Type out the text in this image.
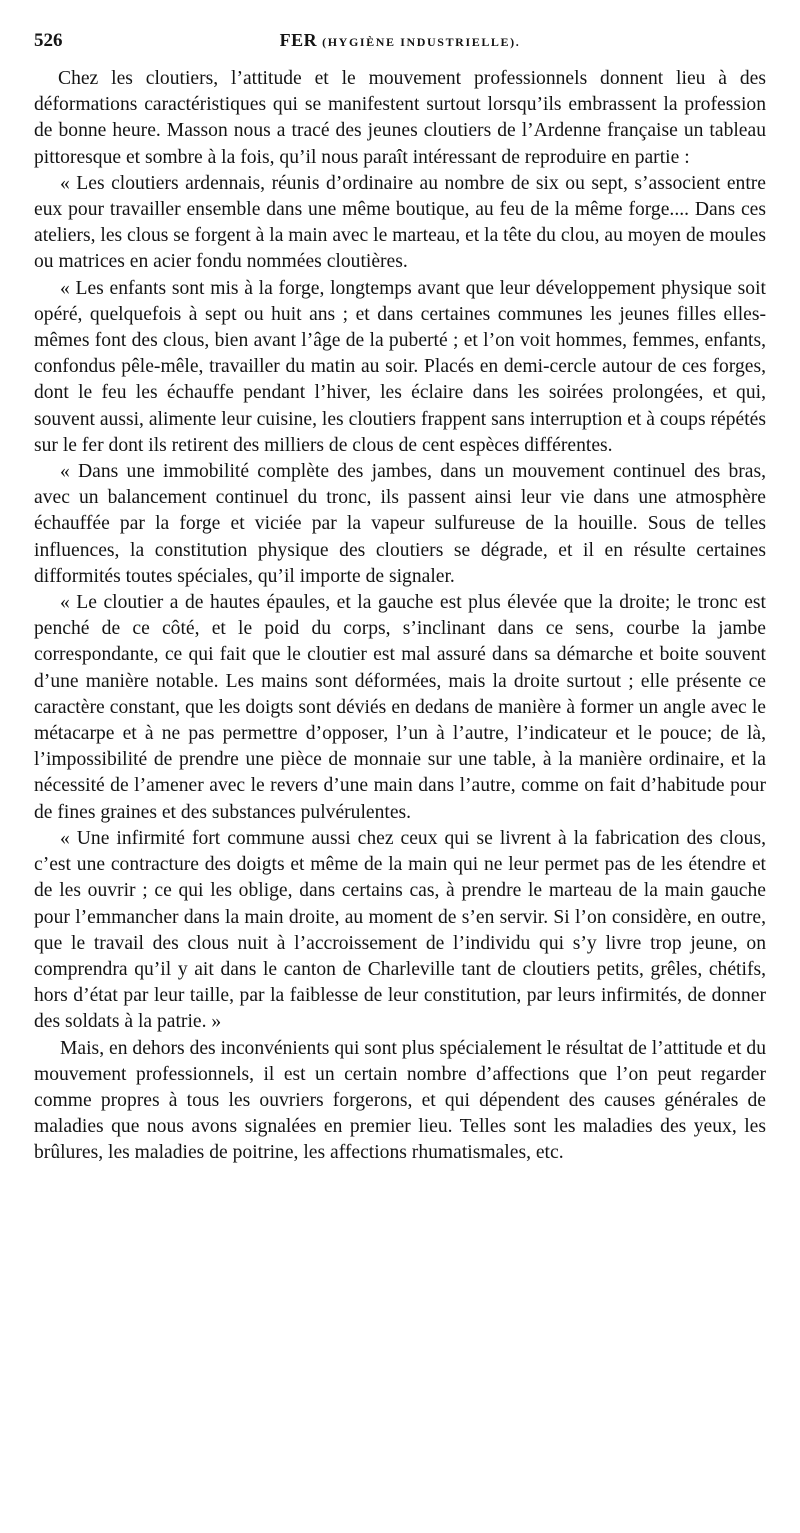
526	FER (HYGIÈNE INDUSTRIELLE).

Chez les cloutiers, l’attitude et le mouvement professionnels donnent lieu à des déformations caractéristiques qui se manifestent surtout lorsqu’ils embrassent la profession de bonne heure. Masson nous a tracé des jeunes cloutiers de l’Ardenne française un tableau pittoresque et sombre à la fois, qu’il nous paraît intéressant de reproduire en partie :

« Les cloutiers ardennais, réunis d’ordinaire au nombre de six ou sept, s’associent entre eux pour travailler ensemble dans une même boutique, au feu de la même forge.... Dans ces ateliers, les clous se forgent à la main avec le marteau, et la tête du clou, au moyen de moules ou matrices en acier fondu nommées cloutières.

« Les enfants sont mis à la forge, longtemps avant que leur développement physique soit opéré, quelquefois à sept ou huit ans ; et dans certaines communes les jeunes filles elles-mêmes font des clous, bien avant l’âge de la puberté ; et l’on voit hommes, femmes, enfants, confondus pêle-mêle, travailler du matin au soir. Placés en demi-cercle autour de ces forges, dont le feu les échauffe pendant l’hiver, les éclaire dans les soirées prolongées, et qui, souvent aussi, alimente leur cuisine, les cloutiers frappent sans interruption et à coups répétés sur le fer dont ils retirent des milliers de clous de cent espèces différentes.

« Dans une immobilité complète des jambes, dans un mouvement continuel des bras, avec un balancement continuel du tronc, ils passent ainsi leur vie dans une atmosphère échauffée par la forge et viciée par la vapeur sulfureuse de la houille. Sous de telles influences, la constitution physique des cloutiers se dégrade, et il en résulte certaines difformités toutes spéciales, qu’il importe de signaler.

« Le cloutier a de hautes épaules, et la gauche est plus élevée que la droite; le tronc est penché de ce côté, et le poid du corps, s’inclinant dans ce sens, courbe la jambe correspondante, ce qui fait que le cloutier est mal assuré dans sa démarche et boite souvent d’une manière notable. Les mains sont déformées, mais la droite surtout ; elle présente ce caractère constant, que les doigts sont déviés en dedans de manière à former un angle avec le métacarpe et à ne pas permettre d’opposer, l’un à l’autre, l’indicateur et le pouce; de là, l’impossibilité de prendre une pièce de monnaie sur une table, à la manière ordinaire, et la nécessité de l’amener avec le revers d’une main dans l’autre, comme on fait d’habitude pour de fines graines et des substances pulvérulentes.

« Une infirmité fort commune aussi chez ceux qui se livrent à la fabrication des clous, c’est une contracture des doigts et même de la main qui ne leur permet pas de les étendre et de les ouvrir ; ce qui les oblige, dans certains cas, à prendre le marteau de la main gauche pour l’emmancher dans la main droite, au moment de s’en servir. Si l’on considère, en outre, que le travail des clous nuit à l’accroissement de l’individu qui s’y livre trop jeune, on comprendra qu’il y ait dans le canton de Charleville tant de cloutiers petits, grêles, chétifs, hors d’état par leur taille, par la faiblesse de leur constitution, par leurs infirmités, de donner des soldats à la patrie. »

Mais, en dehors des inconvénients qui sont plus spécialement le résultat de l’attitude et du mouvement professionnels, il est un certain nombre d’affections que l’on peut regarder comme propres à tous les ouvriers forgerons, et qui dépendent des causes générales de maladies que nous avons signalées en premier lieu. Telles sont les maladies des yeux, les brûlures, les maladies de poitrine, les affections rhumatismales, etc.
